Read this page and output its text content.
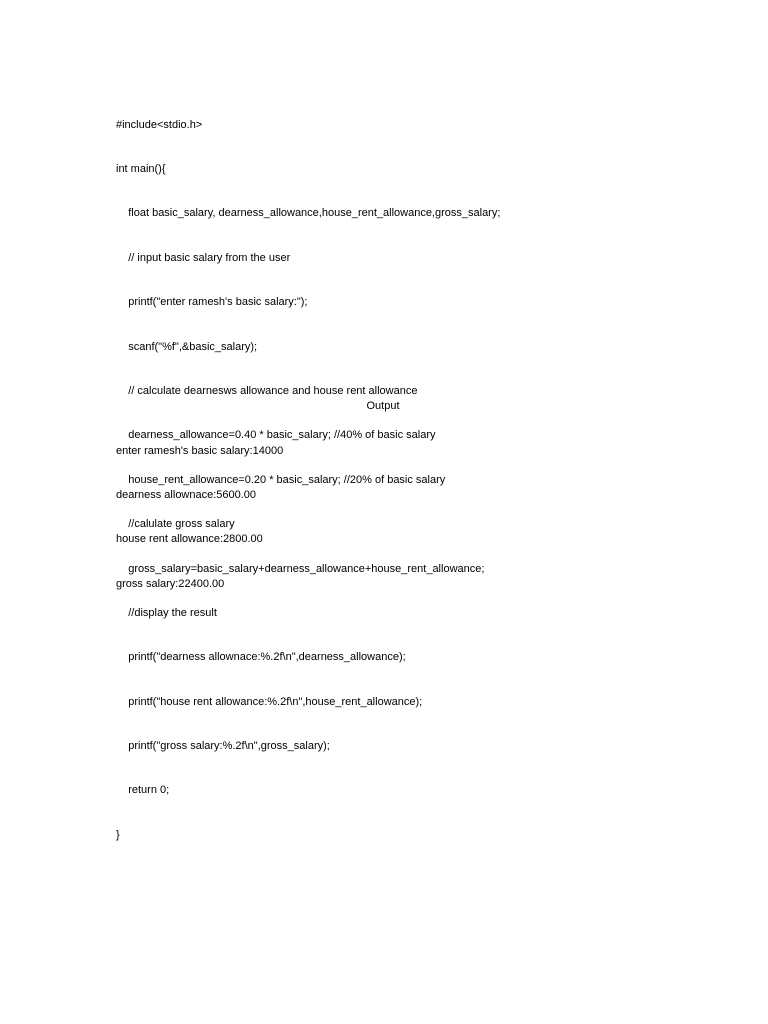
#include<stdio.h>

int main(){

float basic_salary, dearness_allowance,house_rent_allowance,gross_salary;

// input basic salary from the user

printf("enter ramesh's basic salary:");

scanf("%f",&basic_salary);

// calculate dearnesws allowance and house rent allowance

dearness_allowance=0.40 * basic_salary; //40% of basic salary

house_rent_allowance=0.20 * basic_salary; //20% of basic salary

//calulate gross salary

gross_salary=basic_salary+dearness_allowance+house_rent_allowance;

//display the result

printf("dearness allownace:%.2f\n",dearness_allowance);

printf("house rent allowance:%.2f\n",house_rent_allowance);

printf("gross salary:%.2f\n",gross_salary);

return 0;

}

Output

enter ramesh's basic salary:14000

dearness allownace:5600.00

house rent allowance:2800.00

gross salary:22400.00
